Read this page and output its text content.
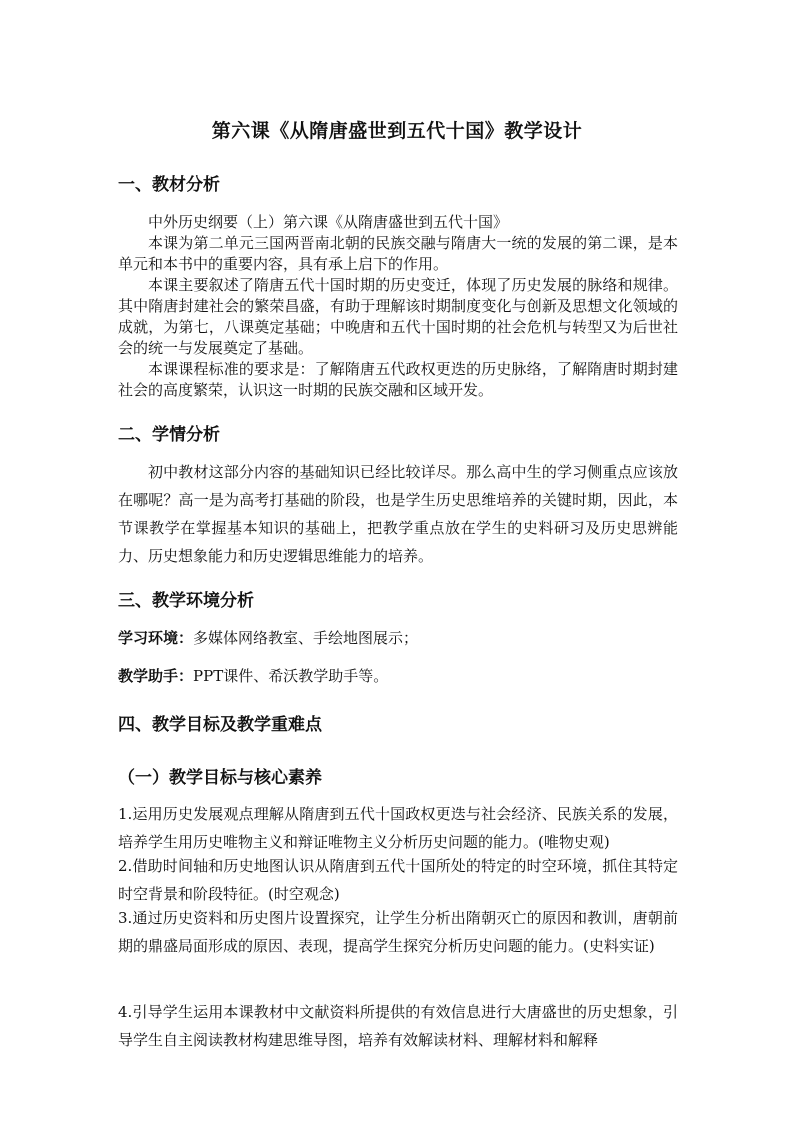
第六课《从隋唐盛世到五代十国》教学设计
一、教材分析
中外历史纲要（上）第六课《从隋唐盛世到五代十国》
本课为第二单元三国两晋南北朝的民族交融与隋唐大一统的发展的第二课，是本单元和本书中的重要内容，具有承上启下的作用。
本课主要叙述了隋唐五代十国时期的历史变迁，体现了历史发展的脉络和规律。其中隋唐封建社会的繁荣昌盛，有助于理解该时期制度变化与创新及思想文化领域的成就，为第七，八课奠定基础；中晚唐和五代十国时期的社会危机与转型又为后世社会的统一与发展奠定了基础。
本课课程标准的要求是：了解隋唐五代政权更迭的历史脉络，了解隋唐时期封建社会的高度繁荣，认识这一时期的民族交融和区域开发。
二、学情分析
初中教材这部分内容的基础知识已经比较详尽。那么高中生的学习侧重点应该放在哪呢？高一是为高考打基础的阶段，也是学生历史思维培养的关键时期，因此，本节课教学在掌握基本知识的基础上，把教学重点放在学生的史料研习及历史思辨能力、历史想象能力和历史逻辑思维能力的培养。
三、教学环境分析
学习环境：多媒体网络教室、手绘地图展示；
教学助手：PPT课件、希沃教学助手等。
四、教学目标及教学重难点
（一）教学目标与核心素养
1.运用历史发展观点理解从隋唐到五代十国政权更迭与社会经济、民族关系的发展，培养学生用历史唯物主义和辩证唯物主义分析历史问题的能力。(唯物史观)
2.借助时间轴和历史地图认识从隋唐到五代十国所处的特定的时空环境，抓住其特定时空背景和阶段特征。(时空观念)
3.通过历史资料和历史图片设置探究，让学生分析出隋朝灭亡的原因和教训，唐朝前期的鼎盛局面形成的原因、表现，提高学生探究分析历史问题的能力。(史料实证)
4.引导学生运用本课教材中文献资料所提供的有效信息进行大唐盛世的历史想象，引导学生自主阅读教材构建思维导图，培养有效解读材料、理解材料和解释
